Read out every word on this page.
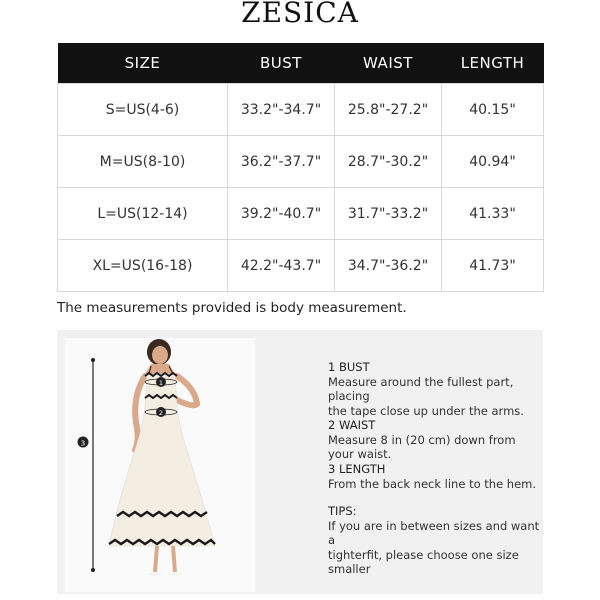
ZESICA
SIZE	BUST	WAIST	LENGTH
S=US(4-6)	33.2"-34.7"	25.8"-27.2"	40.15"
M=US(8-10)	36.2"-37.7"	28.7"-30.2"	40.94"
L=US(12-14)	39.2"-40.7"	31.7"-33.2"	41.33"
XL=US(16-18)	42.2"-43.7"	34.7"-36.2"	41.73"
The measurements provided is body measurement.
3
1
2
1 BUST
Measure around the fullest part, placing
the tape close up under the arms.
2 WAIST
Measure 8 in (20 cm) down from your waist.
3 LENGTH
From the back neck line to the hem.
TIPS:
If you are in between sizes and want a
tighterfit, please choose one size
smaller
